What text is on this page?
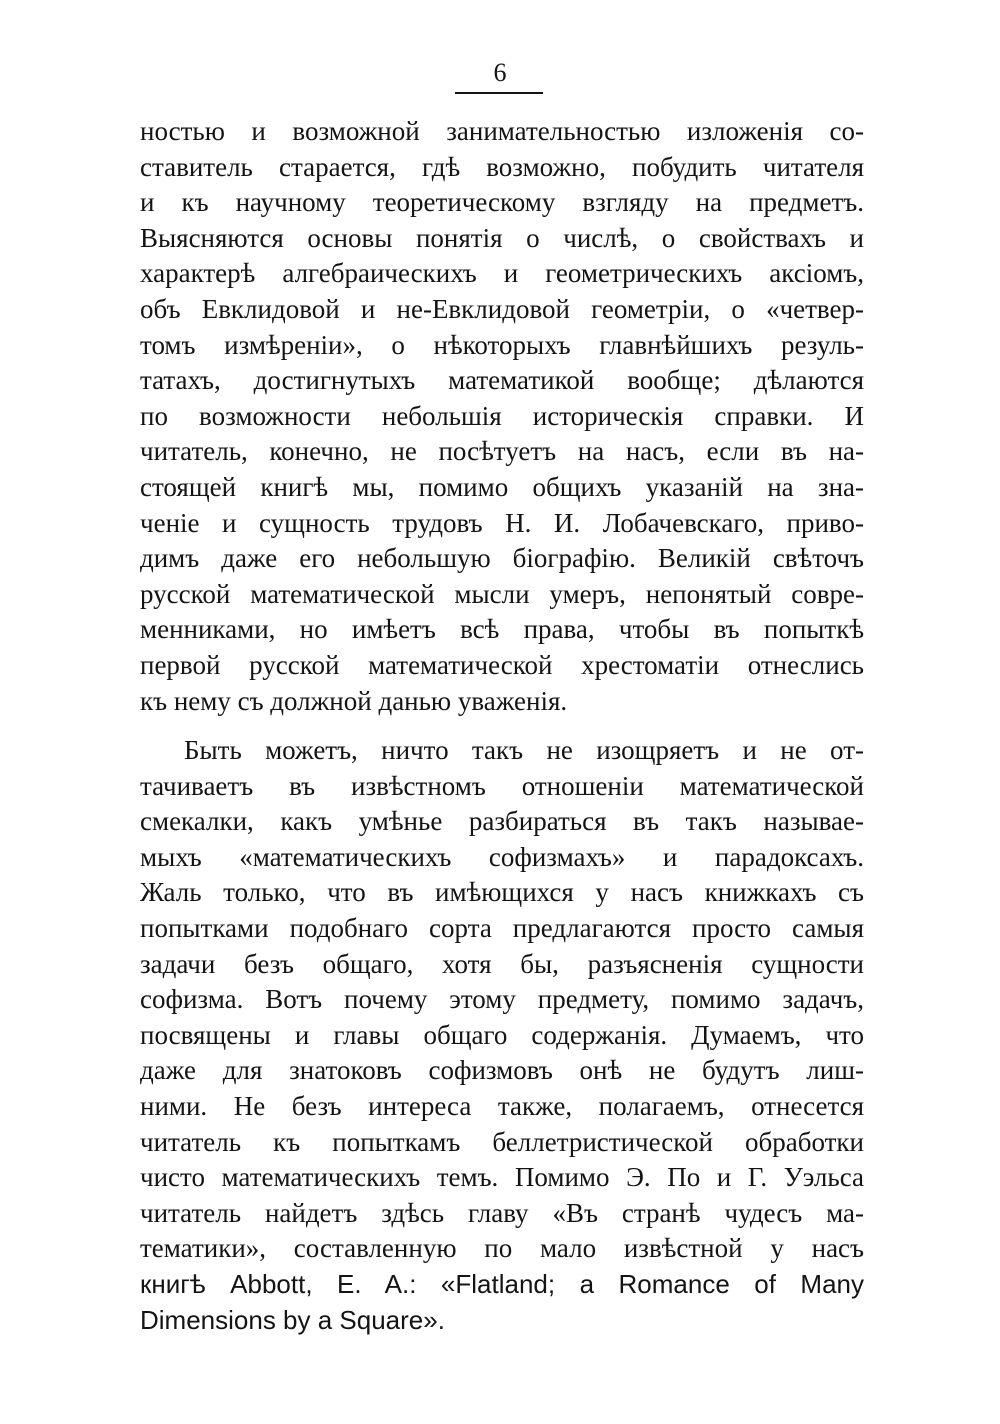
6
ностью и возможной занимательностью изложенія со-
ставитель старается, гдѣ возможно, побудить читателя
и къ научному теоретическому взгляду на предметъ.
Выясняются основы понятія о числѣ, о свойствахъ и
характерѣ алгебраическихъ и геометрическихъ аксіомъ,
объ Евклидовой и не-Евклидовой геометріи, о «четвер-
томъ измѣреніи», о нѣкоторыхъ главнѣйшихъ резуль-
татахъ, достигнутыхъ математикой вообще; дѣлаются
по возможности небольшія историческія справки. И
читатель, конечно, не посѣтуетъ на насъ, если въ на-
стоящей книгѣ мы, помимо общихъ указаній на зна-
ченіе и сущность трудовъ Н. И. Лобачевскаго, приво-
димъ даже его небольшую біографію. Великій свѣточъ
русской математической мысли умеръ, непонятый совре-
менниками, но имѣетъ всѣ права, чтобы въ попыткѣ
первой русской математической хрестоматіи отнеслись
къ нему съ должной данью уваженія.
Быть можетъ, ничто такъ не изощряетъ и не от-
тачиваетъ въ извѣстномъ отношеніи математической
смекалки, какъ умѣнье разбираться въ такъ называе-
мыхъ «математическихъ софизмахъ» и парадоксахъ.
Жаль только, что въ имѣющихся у насъ книжкахъ съ
попытками подобнаго сорта предлагаются просто самыя
задачи безъ общаго, хотя бы, разъясненія сущности
софизма. Вотъ почему этому предмету, помимо задачъ,
посвящены и главы общаго содержанія. Думаемъ, что
даже для знатоковъ софизмовъ онѣ не будутъ лиш-
ними. Не безъ интереса также, полагаемъ, отнесется
читатель къ попыткамъ беллетристической обработки
чисто математическихъ темъ. Помимо Э. По и Г. Уэльса
читатель найдетъ здѣсь главу «Въ странѣ чудесъ ма-
тематики», составленную по мало извѣстной у насъ
книгѣ Abbott, E. A.: «Flatland; a Romance of Many
Dimensions by a Square».
